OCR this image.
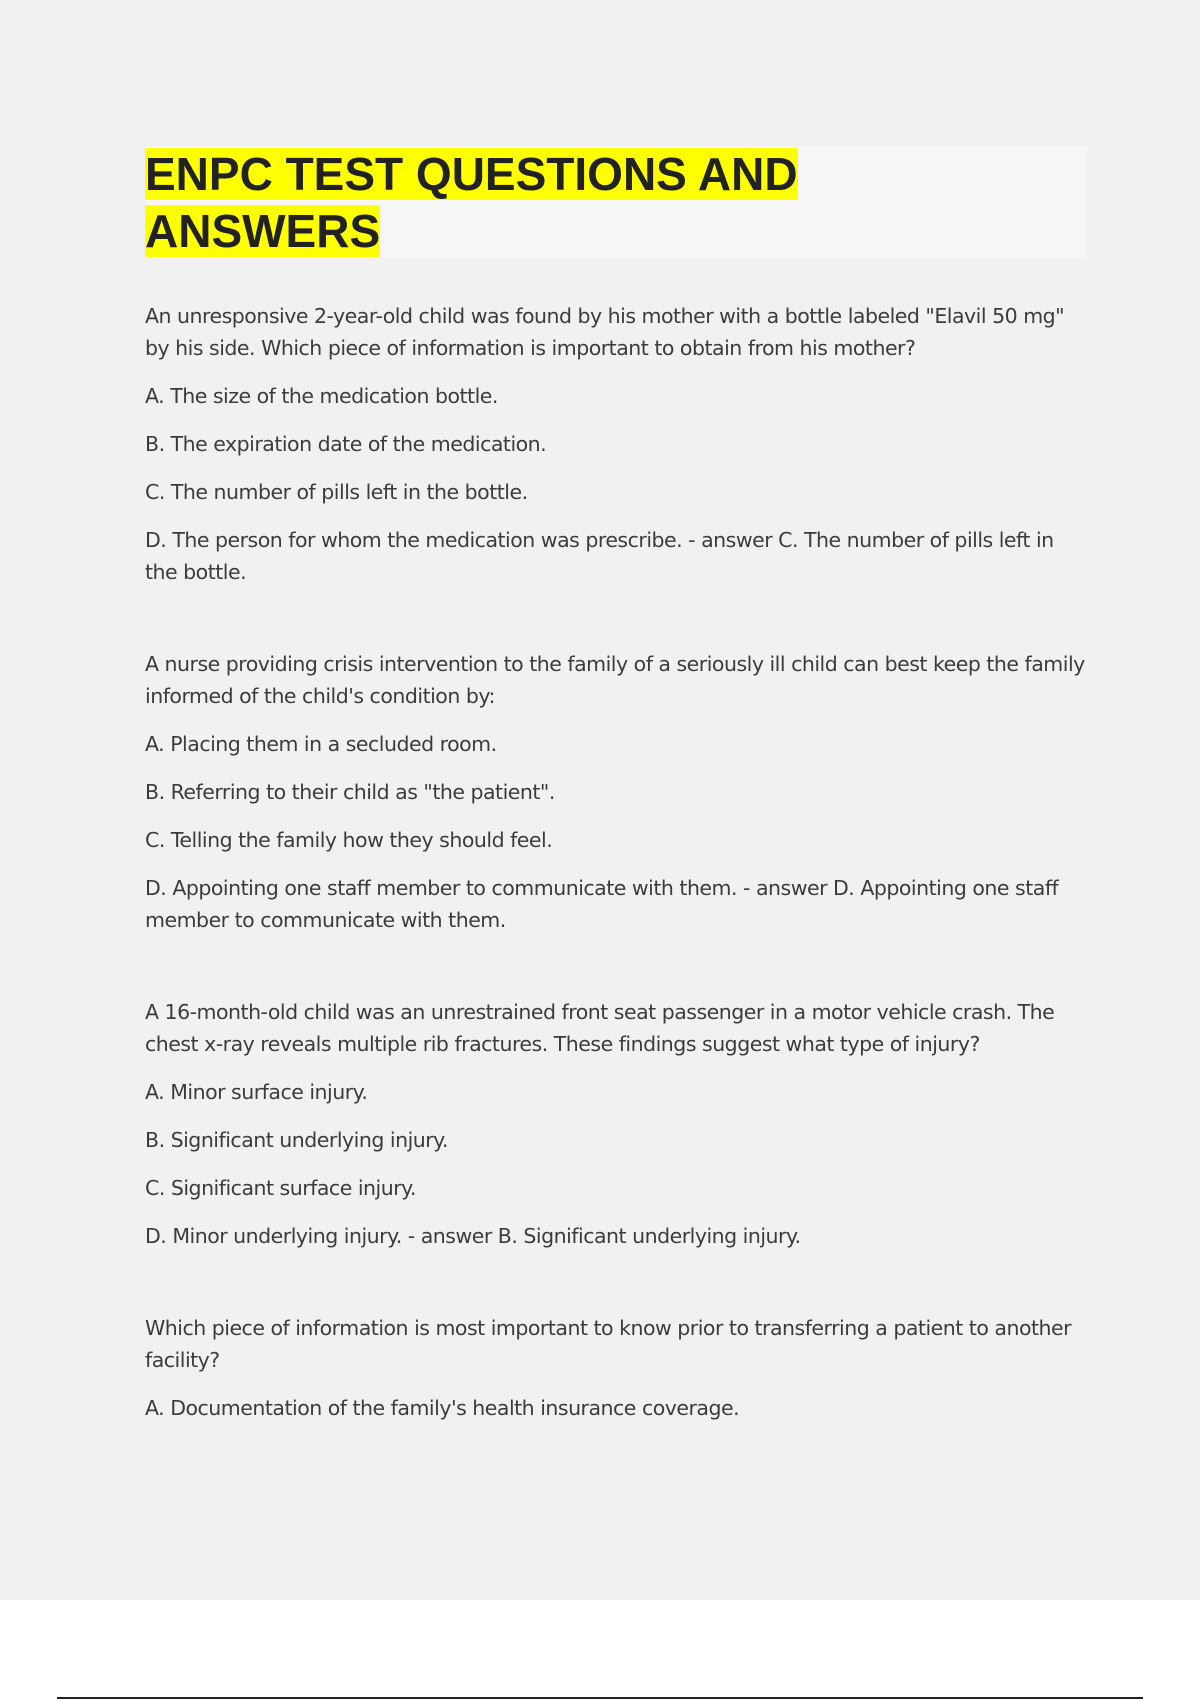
ENPC TEST QUESTIONS AND ANSWERS

An unresponsive 2-year-old child was found by his mother with a bottle labeled "Elavil 50 mg" by his side. Which piece of information is important to obtain from his mother?

A. The size of the medication bottle.

B. The expiration date of the medication.

C. The number of pills left in the bottle.

D. The person for whom the medication was prescribe. - answer C. The number of pills left in the bottle.

A nurse providing crisis intervention to the family of a seriously ill child can best keep the family informed of the child's condition by:

A. Placing them in a secluded room.

B. Referring to their child as "the patient".

C. Telling the family how they should feel.

D. Appointing one staff member to communicate with them. - answer D. Appointing one staff member to communicate with them.

A 16-month-old child was an unrestrained front seat passenger in a motor vehicle crash. The chest x-ray reveals multiple rib fractures. These findings suggest what type of injury?

A. Minor surface injury.

B. Significant underlying injury.

C. Significant surface injury.

D. Minor underlying injury. - answer B. Significant underlying injury.

Which piece of information is most important to know prior to transferring a patient to another facility?

A. Documentation of the family's health insurance coverage.
